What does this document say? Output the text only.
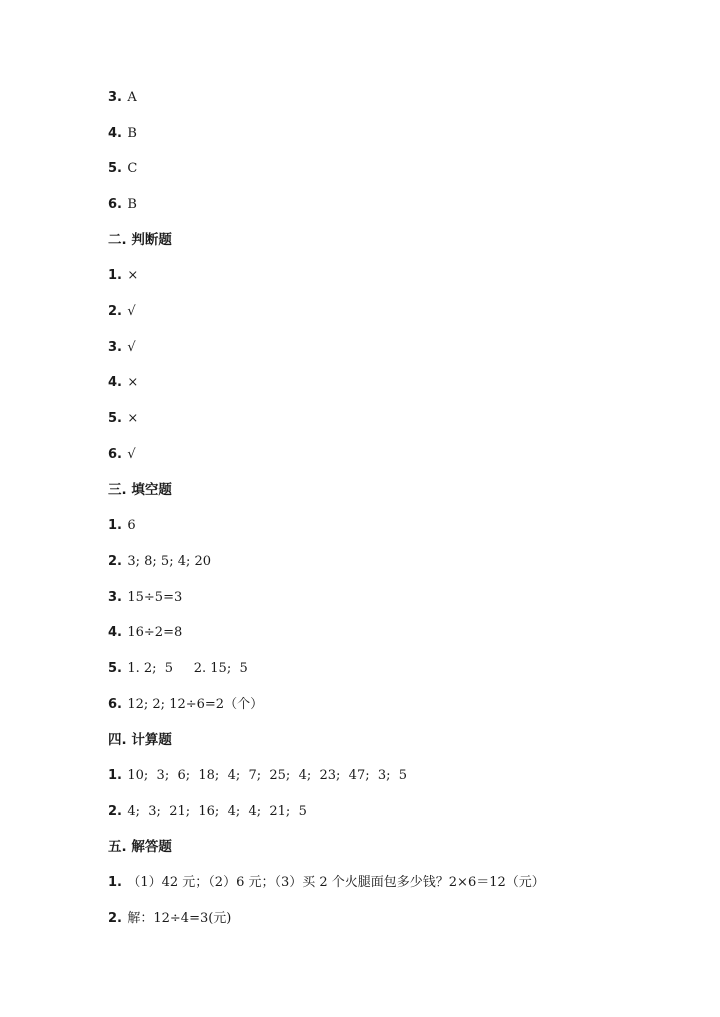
3. A
4. B
5. C
6. B
二. 判断题
1. ×
2. √
3. √
4. ×
5. ×
6. √
三. 填空题
1. 6
2. 3; 8; 5; 4; 20
3. 15÷5=3
4. 16÷2=8
5. 1. 2;  5     2. 15;  5
6. 12; 2; 12÷6=2（个）
四. 计算题
1. 10;  3;  6;  18;  4;  7;  25;  4;  23;  47;  3;  5
2. 4;  3;  21;  16;  4;  4;  21;  5
五. 解答题
1. （1）42 元；（2）6 元；（3）买 2 个火腿面包多少钱？2×6＝12（元）
2. 解：12÷4=3(元)
